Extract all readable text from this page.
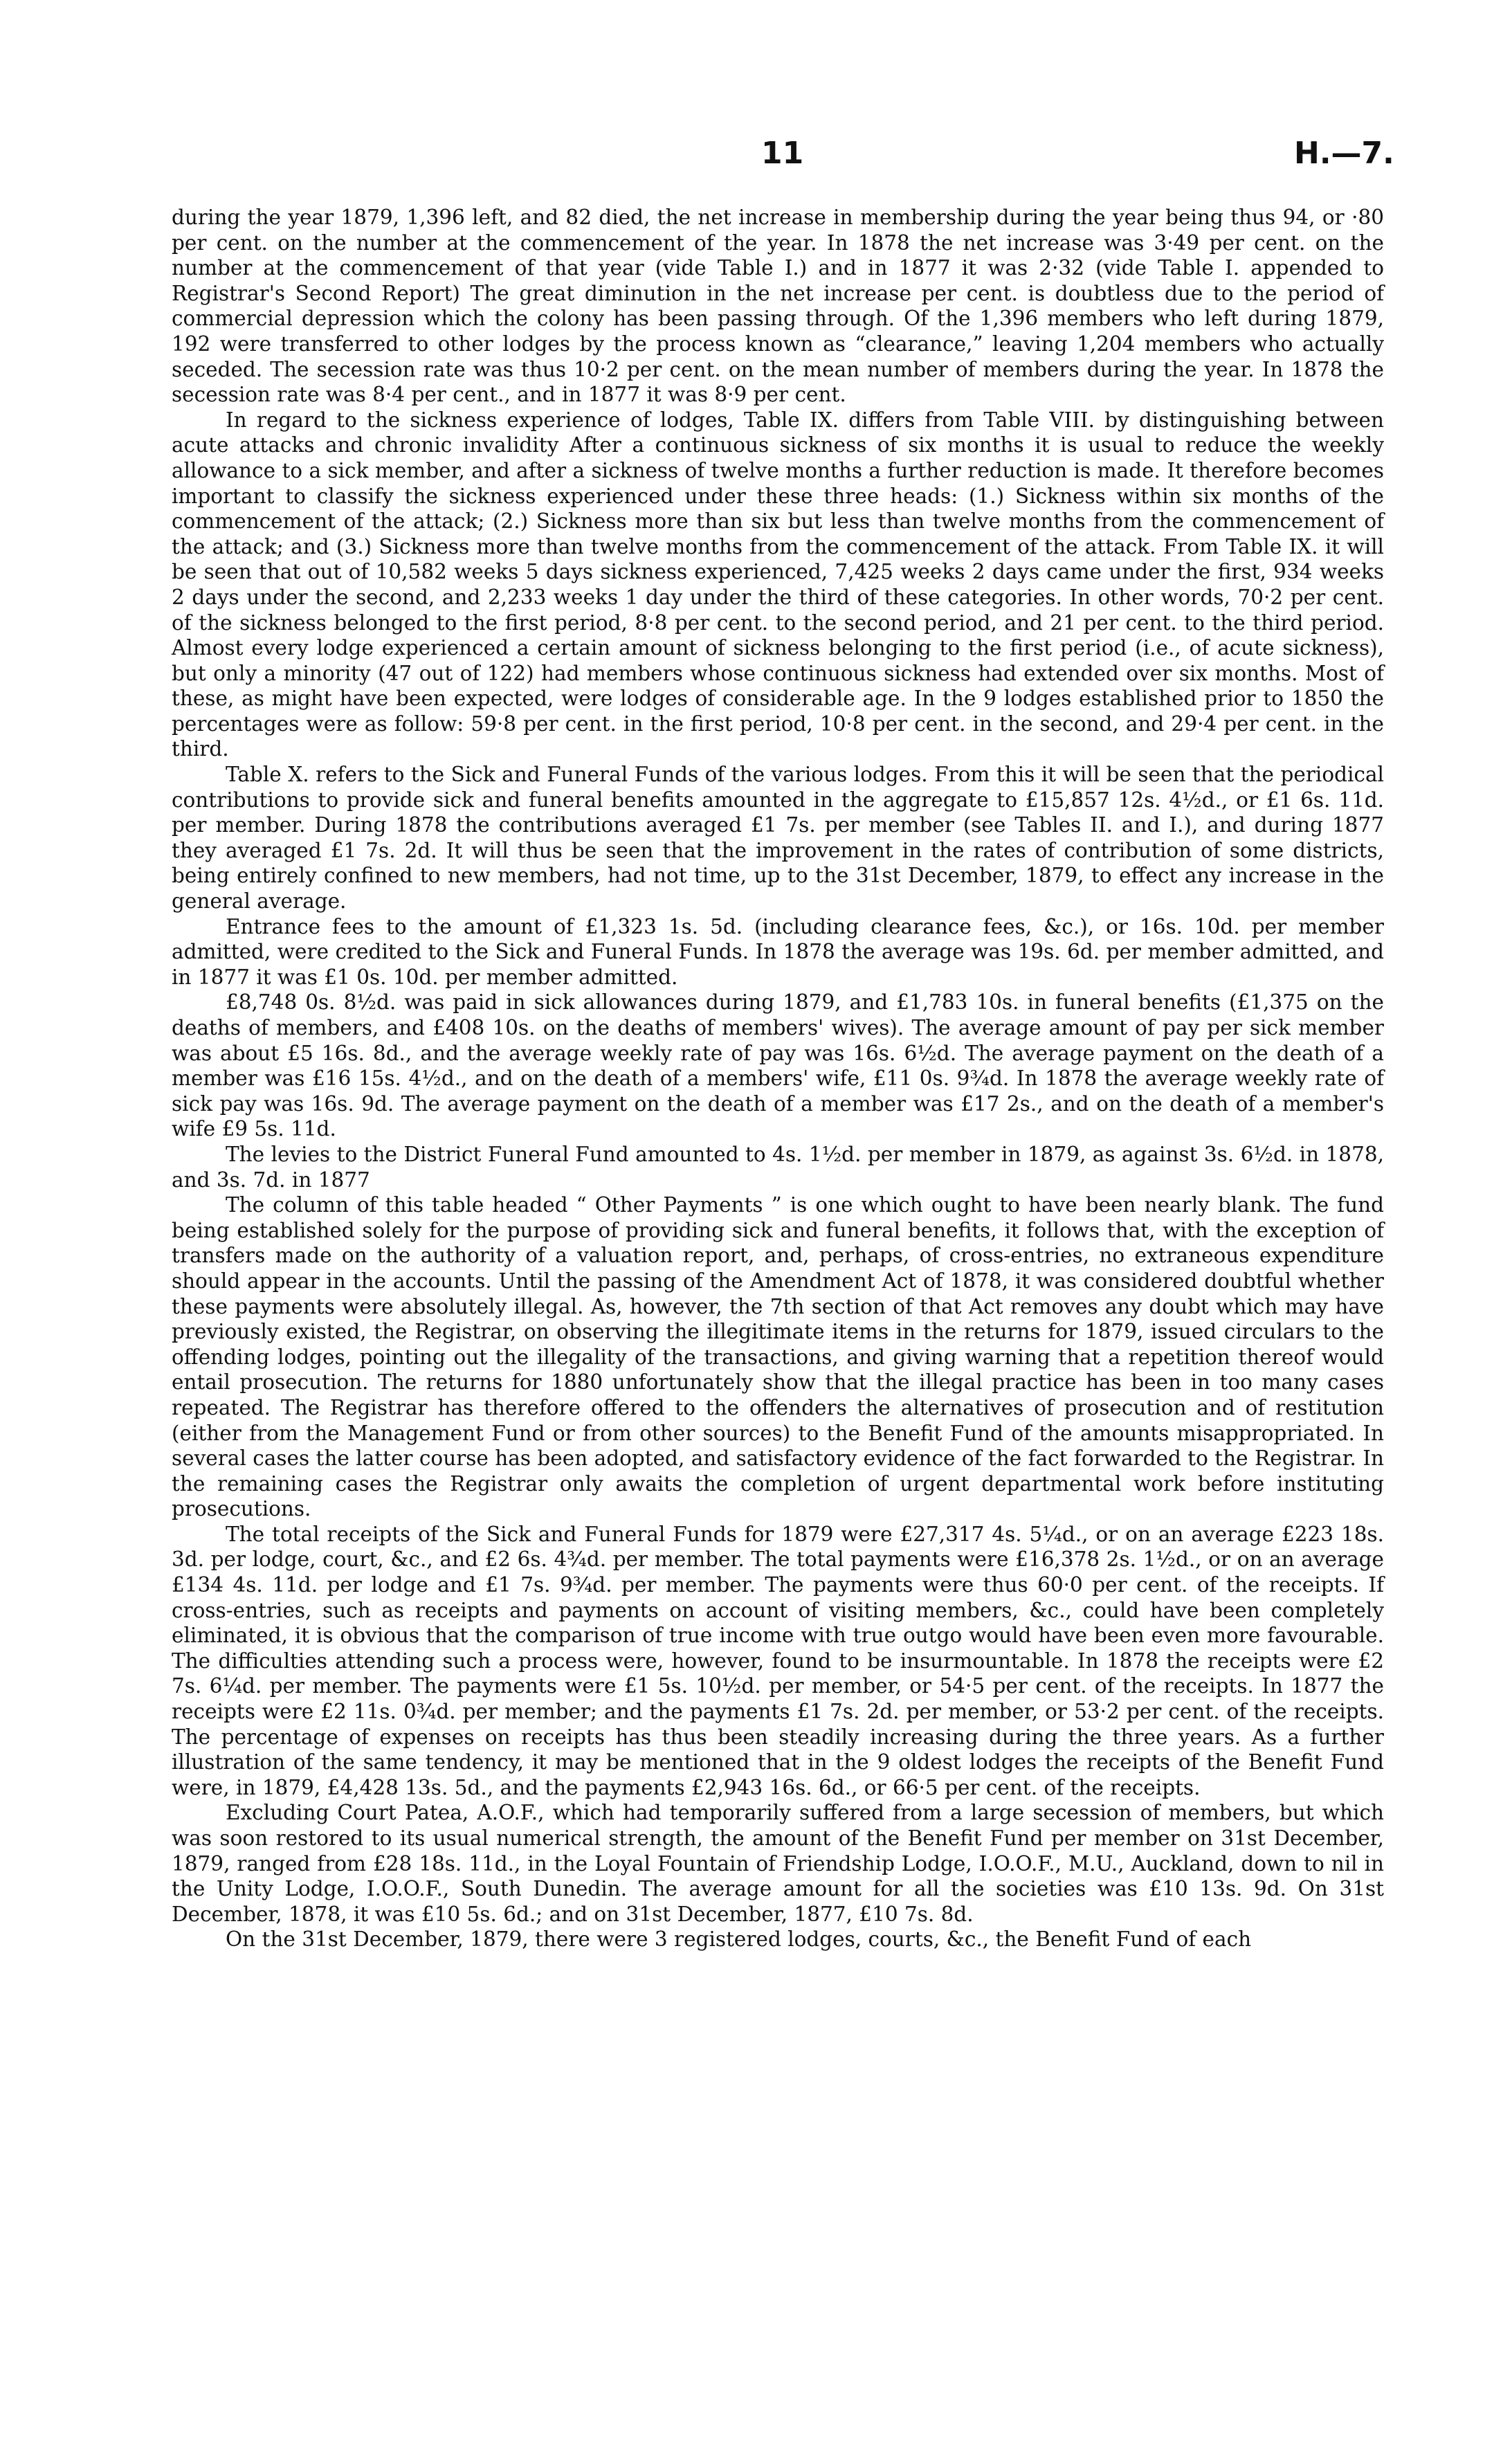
11	H.—7.

during the year 1879, 1,396 left, and 82 died, the net increase in membership during the year being thus 94, or ·80 per cent. on the number at the commencement of the year. In 1878 the net increase was 3·49 per cent. on the number at the commencement of that year (vide Table I.) and in 1877 it was 2·32 (vide Table I. appended to Registrar's Second Report) The great diminution in the net increase per cent. is doubtless due to the period of commercial depression which the colony has been passing through. Of the 1,396 members who left during 1879, 192 were transferred to other lodges by the process known as “clearance,” leaving 1,204 members who actually seceded. The secession rate was thus 10·2 per cent. on the mean number of members during the year. In 1878 the secession rate was 8·4 per cent., and in 1877 it was 8·9 per cent.

In regard to the sickness experience of lodges, Table IX. differs from Table VIII. by distinguishing between acute attacks and chronic invalidity After a continuous sickness of six months it is usual to reduce the weekly allowance to a sick member, and after a sickness of twelve months a further reduction is made. It therefore becomes important to classify the sickness experienced under these three heads: (1.) Sickness within six months of the commencement of the attack; (2.) Sickness more than six but less than twelve months from the commencement of the attack; and (3.) Sickness more than twelve months from the commencement of the attack. From Table IX. it will be seen that out of 10,582 weeks 5 days sickness experienced, 7,425 weeks 2 days came under the first, 934 weeks 2 days under the second, and 2,233 weeks 1 day under the third of these categories. In other words, 70·2 per cent. of the sickness belonged to the first period, 8·8 per cent. to the second period, and 21 per cent. to the third period. Almost every lodge experienced a certain amount of sickness belonging to the first period (i.e., of acute sickness), but only a minority (47 out of 122) had members whose continuous sickness had extended over six months. Most of these, as might have been expected, were lodges of considerable age. In the 9 lodges established prior to 1850 the percentages were as follow: 59·8 per cent. in the first period, 10·8 per cent. in the second, and 29·4 per cent. in the third.

Table X. refers to the Sick and Funeral Funds of the various lodges. From this it will be seen that the periodical contributions to provide sick and funeral benefits amounted in the aggregate to £15,857 12s. 4½d., or £1 6s. 11d. per member. During 1878 the contributions averaged £1 7s. per member (see Tables II. and I.), and during 1877 they averaged £1 7s. 2d. It will thus be seen that the improvement in the rates of contribution of some districts, being entirely confined to new members, had not time, up to the 31st December, 1879, to effect any increase in the general average.

Entrance fees to the amount of £1,323 1s. 5d. (including clearance fees, &c.), or 16s. 10d. per member admitted, were credited to the Sick and Funeral Funds. In 1878 the average was 19s. 6d. per member admitted, and in 1877 it was £1 0s. 10d. per member admitted.

£8,748 0s. 8½d. was paid in sick allowances during 1879, and £1,783 10s. in funeral benefits (£1,375 on the deaths of members, and £408 10s. on the deaths of members' wives). The average amount of pay per sick member was about £5 16s. 8d., and the average weekly rate of pay was 16s. 6½d. The average payment on the death of a member was £16 15s. 4½d., and on the death of a members' wife, £11 0s. 9¾d. In 1878 the average weekly rate of sick pay was 16s. 9d. The average payment on the death of a member was £17 2s., and on the death of a member's wife £9 5s. 11d.

The levies to the District Funeral Fund amounted to 4s. 1½d. per member in 1879, as against 3s. 6½d. in 1878, and 3s. 7d. in 1877

The column of this table headed “ Other Payments ” is one which ought to have been nearly blank. The fund being established solely for the purpose of providing sick and funeral benefits, it follows that, with the exception of transfers made on the authority of a valuation report, and, perhaps, of cross-entries, no extraneous expenditure should appear in the accounts. Until the passing of the Amendment Act of 1878, it was considered doubtful whether these payments were absolutely illegal. As, however, the 7th section of that Act removes any doubt which may have previously existed, the Registrar, on observing the illegitimate items in the returns for 1879, issued circulars to the offending lodges, pointing out the illegality of the transactions, and giving warning that a repetition thereof would entail prosecution. The returns for 1880 unfortunately show that the illegal practice has been in too many cases repeated. The Registrar has therefore offered to the offenders the alternatives of prosecution and of restitution (either from the Management Fund or from other sources) to the Benefit Fund of the amounts misappropriated. In several cases the latter course has been adopted, and satisfactory evidence of the fact forwarded to the Registrar. In the remaining cases the Registrar only awaits the completion of urgent departmental work before instituting prosecutions.

The total receipts of the Sick and Funeral Funds for 1879 were £27,317 4s. 5¼d., or on an average £223 18s. 3d. per lodge, court, &c., and £2 6s. 4¾d. per member. The total payments were £16,378 2s. 1½d., or on an average £134 4s. 11d. per lodge and £1 7s. 9¾d. per member. The payments were thus 60·0 per cent. of the receipts. If cross-entries, such as receipts and payments on account of visiting members, &c., could have been completely eliminated, it is obvious that the comparison of true income with true outgo would have been even more favourable. The difficulties attending such a process were, however, found to be insurmountable. In 1878 the receipts were £2 7s. 6¼d. per member. The payments were £1 5s. 10½d. per member, or 54·5 per cent. of the receipts. In 1877 the receipts were £2 11s. 0¾d. per member; and the payments £1 7s. 2d. per member, or 53·2 per cent. of the receipts. The percentage of expenses on receipts has thus been steadily increasing during the three years. As a further illustration of the same tendency, it may be mentioned that in the 9 oldest lodges the receipts of the Benefit Fund were, in 1879, £4,428 13s. 5d., and the payments £2,943 16s. 6d., or 66·5 per cent. of the receipts.

Excluding Court Patea, A.O.F., which had temporarily suffered from a large secession of members, but which was soon restored to its usual numerical strength, the amount of the Benefit Fund per member on 31st December, 1879, ranged from £28 18s. 11d., in the Loyal Fountain of Friendship Lodge, I.O.O.F., M.U., Auckland, down to nil in the Unity Lodge, I.O.O.F., South Dunedin. The average amount for all the societies was £10 13s. 9d. On 31st December, 1878, it was £10 5s. 6d.; and on 31st December, 1877, £10 7s. 8d.

On the 31st December, 1879, there were 3 registered lodges, courts, &c., the Benefit Fund of each
